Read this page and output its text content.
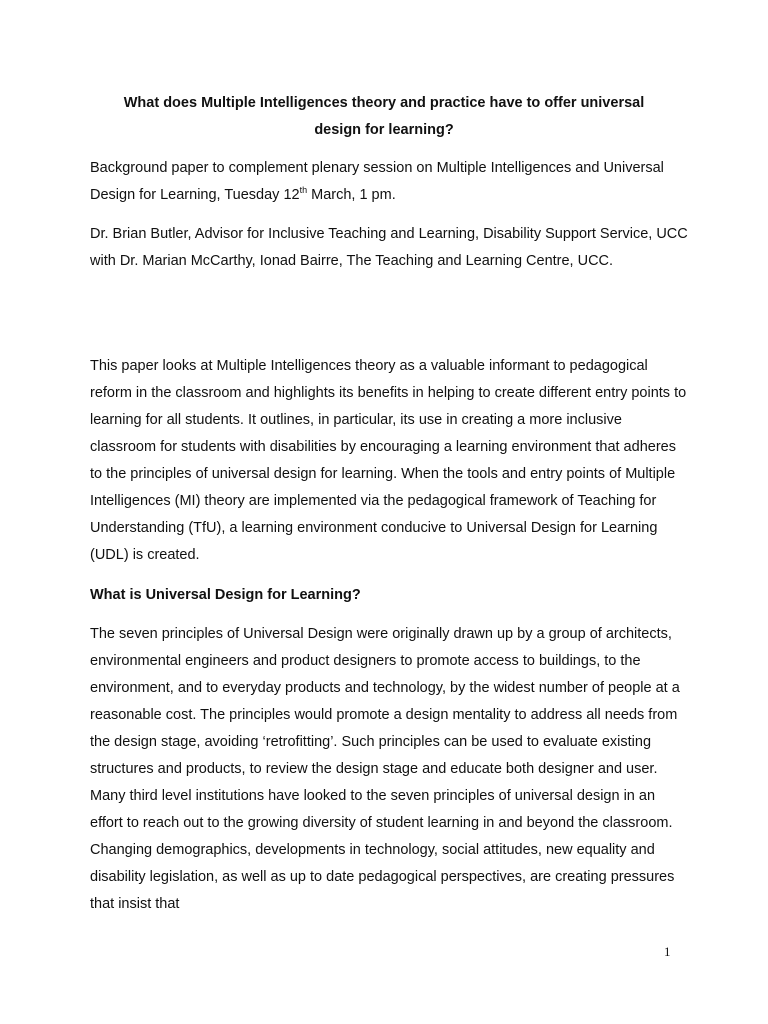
What does Multiple Intelligences theory and practice have to offer universal design for learning?

Background paper to complement plenary session on Multiple Intelligences and Universal Design for Learning, Tuesday 12th March, 1 pm.

Dr. Brian Butler, Advisor for Inclusive Teaching and Learning, Disability Support Service, UCC with Dr. Marian McCarthy, Ionad Bairre, The Teaching and Learning Centre, UCC.

This paper looks at Multiple Intelligences theory as a valuable informant to pedagogical reform in the classroom and highlights its benefits in helping to create different entry points to learning for all students. It outlines, in particular, its use in creating a more inclusive classroom for students with disabilities by encouraging a learning environment that adheres to the principles of universal design for learning. When the tools and entry points of Multiple Intelligences (MI) theory are implemented via the pedagogical framework of Teaching for Understanding (TfU), a learning environment conducive to Universal Design for Learning (UDL) is created.

What is Universal Design for Learning?

The seven principles of Universal Design were originally drawn up by a group of architects, environmental engineers and product designers to promote access to buildings, to the environment, and to everyday products and technology, by the widest number of people at a reasonable cost. The principles would promote a design mentality to address all needs from the design stage, avoiding ‘retrofitting’. Such principles can be used to evaluate existing structures and products, to review the design stage and educate both designer and user. Many third level institutions have looked to the seven principles of universal design in an effort to reach out to the growing diversity of student learning in and beyond the classroom. Changing demographics, developments in technology, social attitudes, new equality and disability legislation, as well as up to date pedagogical perspectives, are creating pressures that insist that

1
